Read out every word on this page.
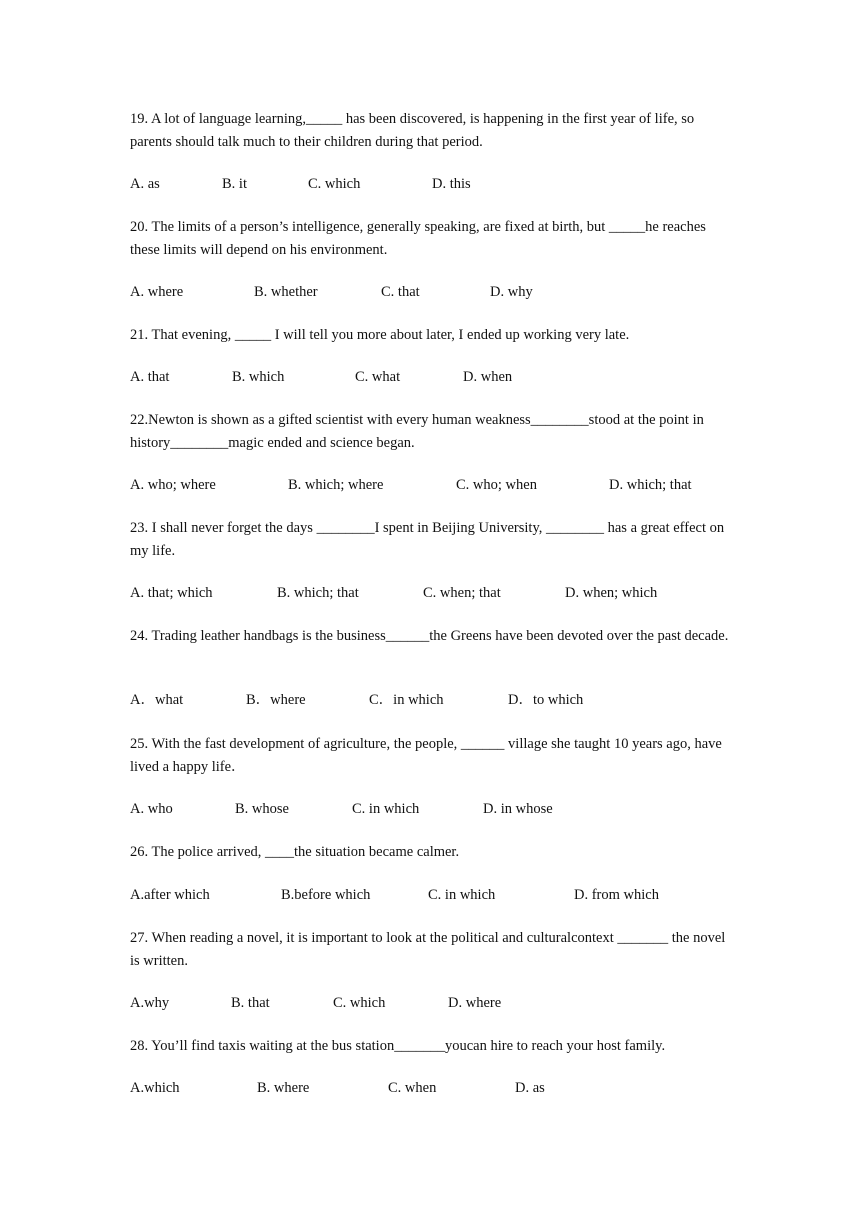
19. A lot of language learning,_____ has been discovered, is happening in the first year of life, so parents should talk much to their children during that period.
A. as	B. it	C. which	D. this
20. The limits of a person’s intelligence, generally speaking, are fixed at birth, but _____he reaches these limits will depend on his environment.
A. where	B. whether	C. that	D. why
21. That evening, _____ I will tell you more about later, I ended up working very late.
A. that	B. which	C. what	D. when
22.Newton is shown as a gifted scientist with every human weakness________stood at the point in history________magic ended and science began.
A. who; where	B. which; where	C. who; when	D. which; that
23. I shall never forget the days ________I spent in Beijing University, ________ has a great effect on my life.
A. that; which	B. which; that	C. when; that	D. when; which
24. Trading leather handbags is the business______the Greens have been devoted over the past decade.
A．what	B．where	C．in which	D．to which
25. With the fast development of agriculture, the people, ______ village she taught 10 years ago, have lived a happy life．
A. who	B. whose	C. in which	D. in whose
26. The police arrived, ____the situation became calmer.
A.after which	B.before which	C. in which	D. from which
27. When reading a novel, it is important to look at the political and culturalcontext _______ the novel is written.
A.why	B. that	C. which	D. where
28. You’ll find taxis waiting at the bus station_______youcan hire to reach your host family.
A.which	B. where	C. when	D. as
